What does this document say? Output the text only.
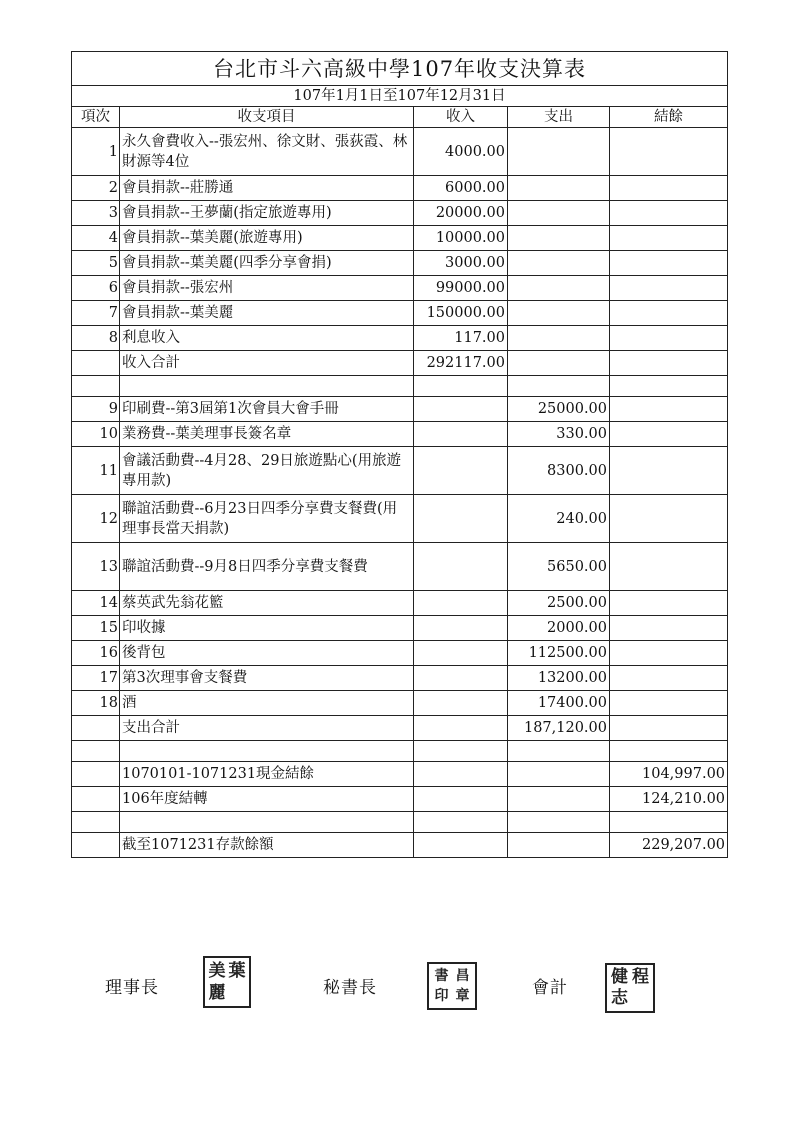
台北市斗六高級中學107年收支決算表				
107年1月1日至107年12月31日				
項次	收支項目	收入	支出	結餘
1	永久會費收入--張宏州、徐文財、張荻霞、林財源等4位	4000.00		
2	會員捐款--莊勝通	6000.00		
3	會員捐款--王夢蘭(指定旅遊專用)	20000.00		
4	會員捐款--葉美麗(旅遊專用)	10000.00		
5	會員捐款--葉美麗(四季分享會捐)	3000.00		
6	會員捐款--張宏州	99000.00		
7	會員捐款--葉美麗	150000.00		
8	利息收入	117.00		
	收入合計	292117.00		

9	印刷費--第3屆第1次會員大會手冊		25000.00	
10	業務費--葉美理事長簽名章		330.00	
11	會議活動費--4月28、29日旅遊點心(用旅遊專用款)		8300.00	
12	聯誼活動費--6月23日四季分享費支餐費(用理事長當天捐款)		240.00	
13	聯誼活動費--9月8日四季分享費支餐費		5650.00	
14	蔡英武先翁花籃		2500.00	
15	印收據		2000.00	
16	後背包		112500.00	
17	第3次理事會支餐費		13200.00	
18	酒		17400.00	
	支出合計		187,120.00	

	1070101-1071231現金結餘			104,997.00
	106年度結轉			124,210.00

	截至1071231存款餘額			229,207.00
理事長
美 葉
麗	秘書長
書 昌
印 章	會計
健 程
志
